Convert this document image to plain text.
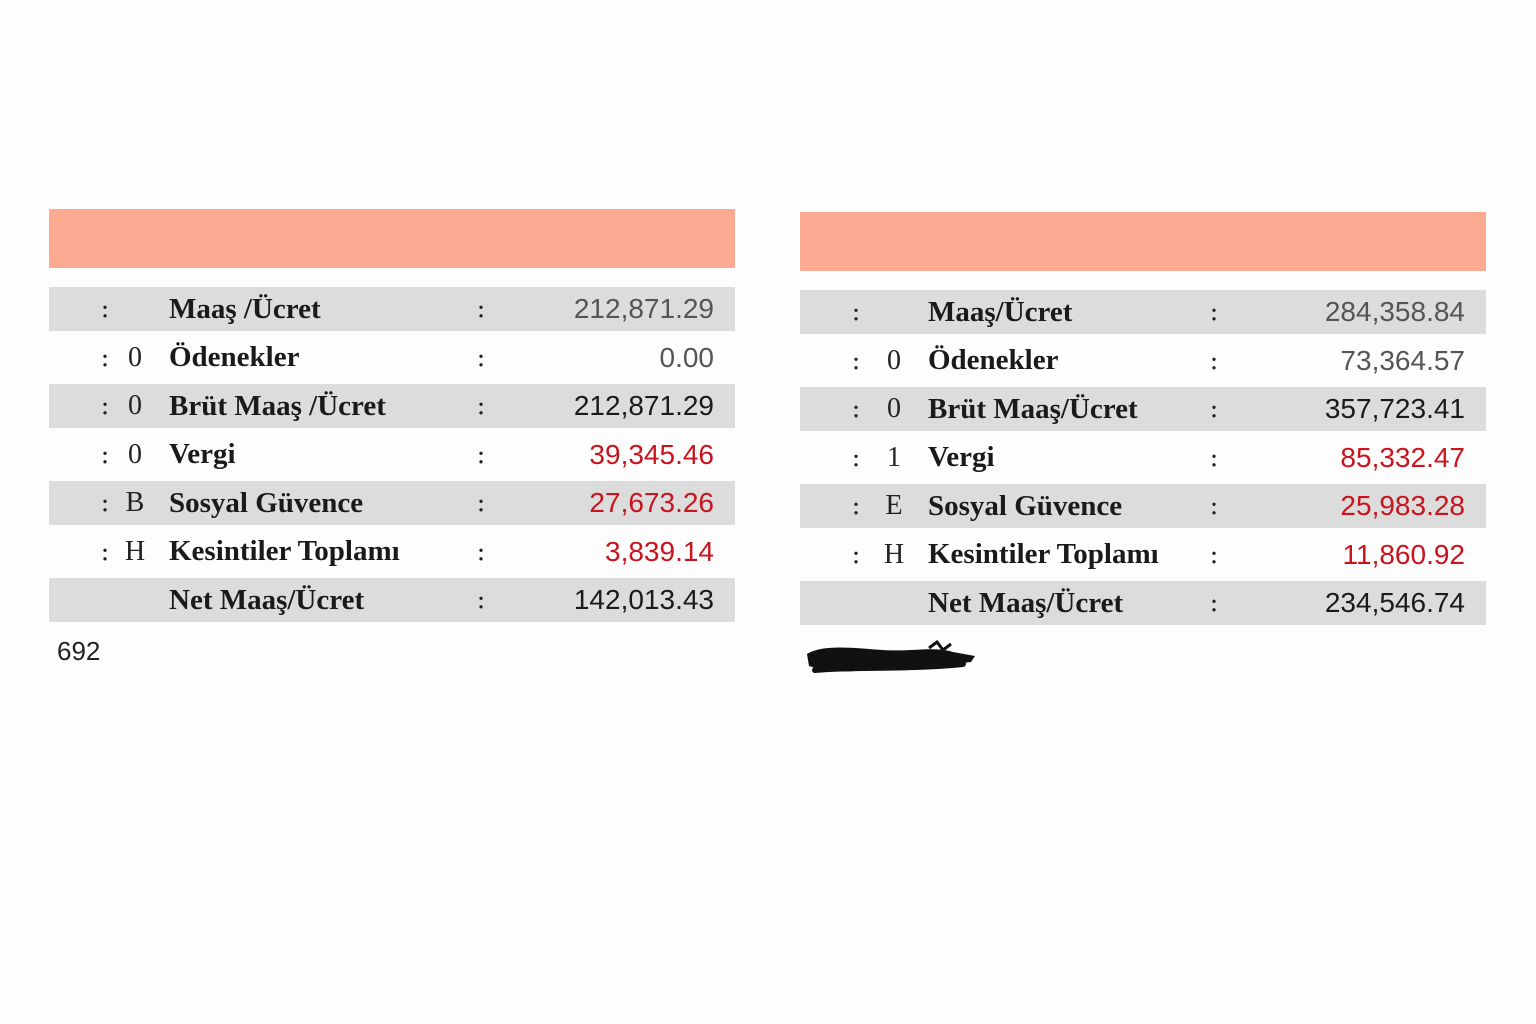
: Maaş /Ücret	:	212,871.29
: 0 Ödenekler	:	0.00
: 0 Brüt Maaş /Ücret	:	212,871.29
: 0 Vergi	:	39,345.46
: B Sosyal Güvence	:	27,673.26
: H Kesintiler Toplamı	:	3,839.14
Net Maaş/Ücret	:	142,013.43
692
: Maaş/Ücret	:	284,358.84
: 0 Ödenekler	:	73,364.57
: 0 Brüt Maaş/Ücret	:	357,723.41
: 1 Vergi	:	85,332.47
: E Sosyal Güvence	:	25,983.28
: H Kesintiler Toplamı :	11,860.92
Net Maaş/Ücret	:	234,546.74
